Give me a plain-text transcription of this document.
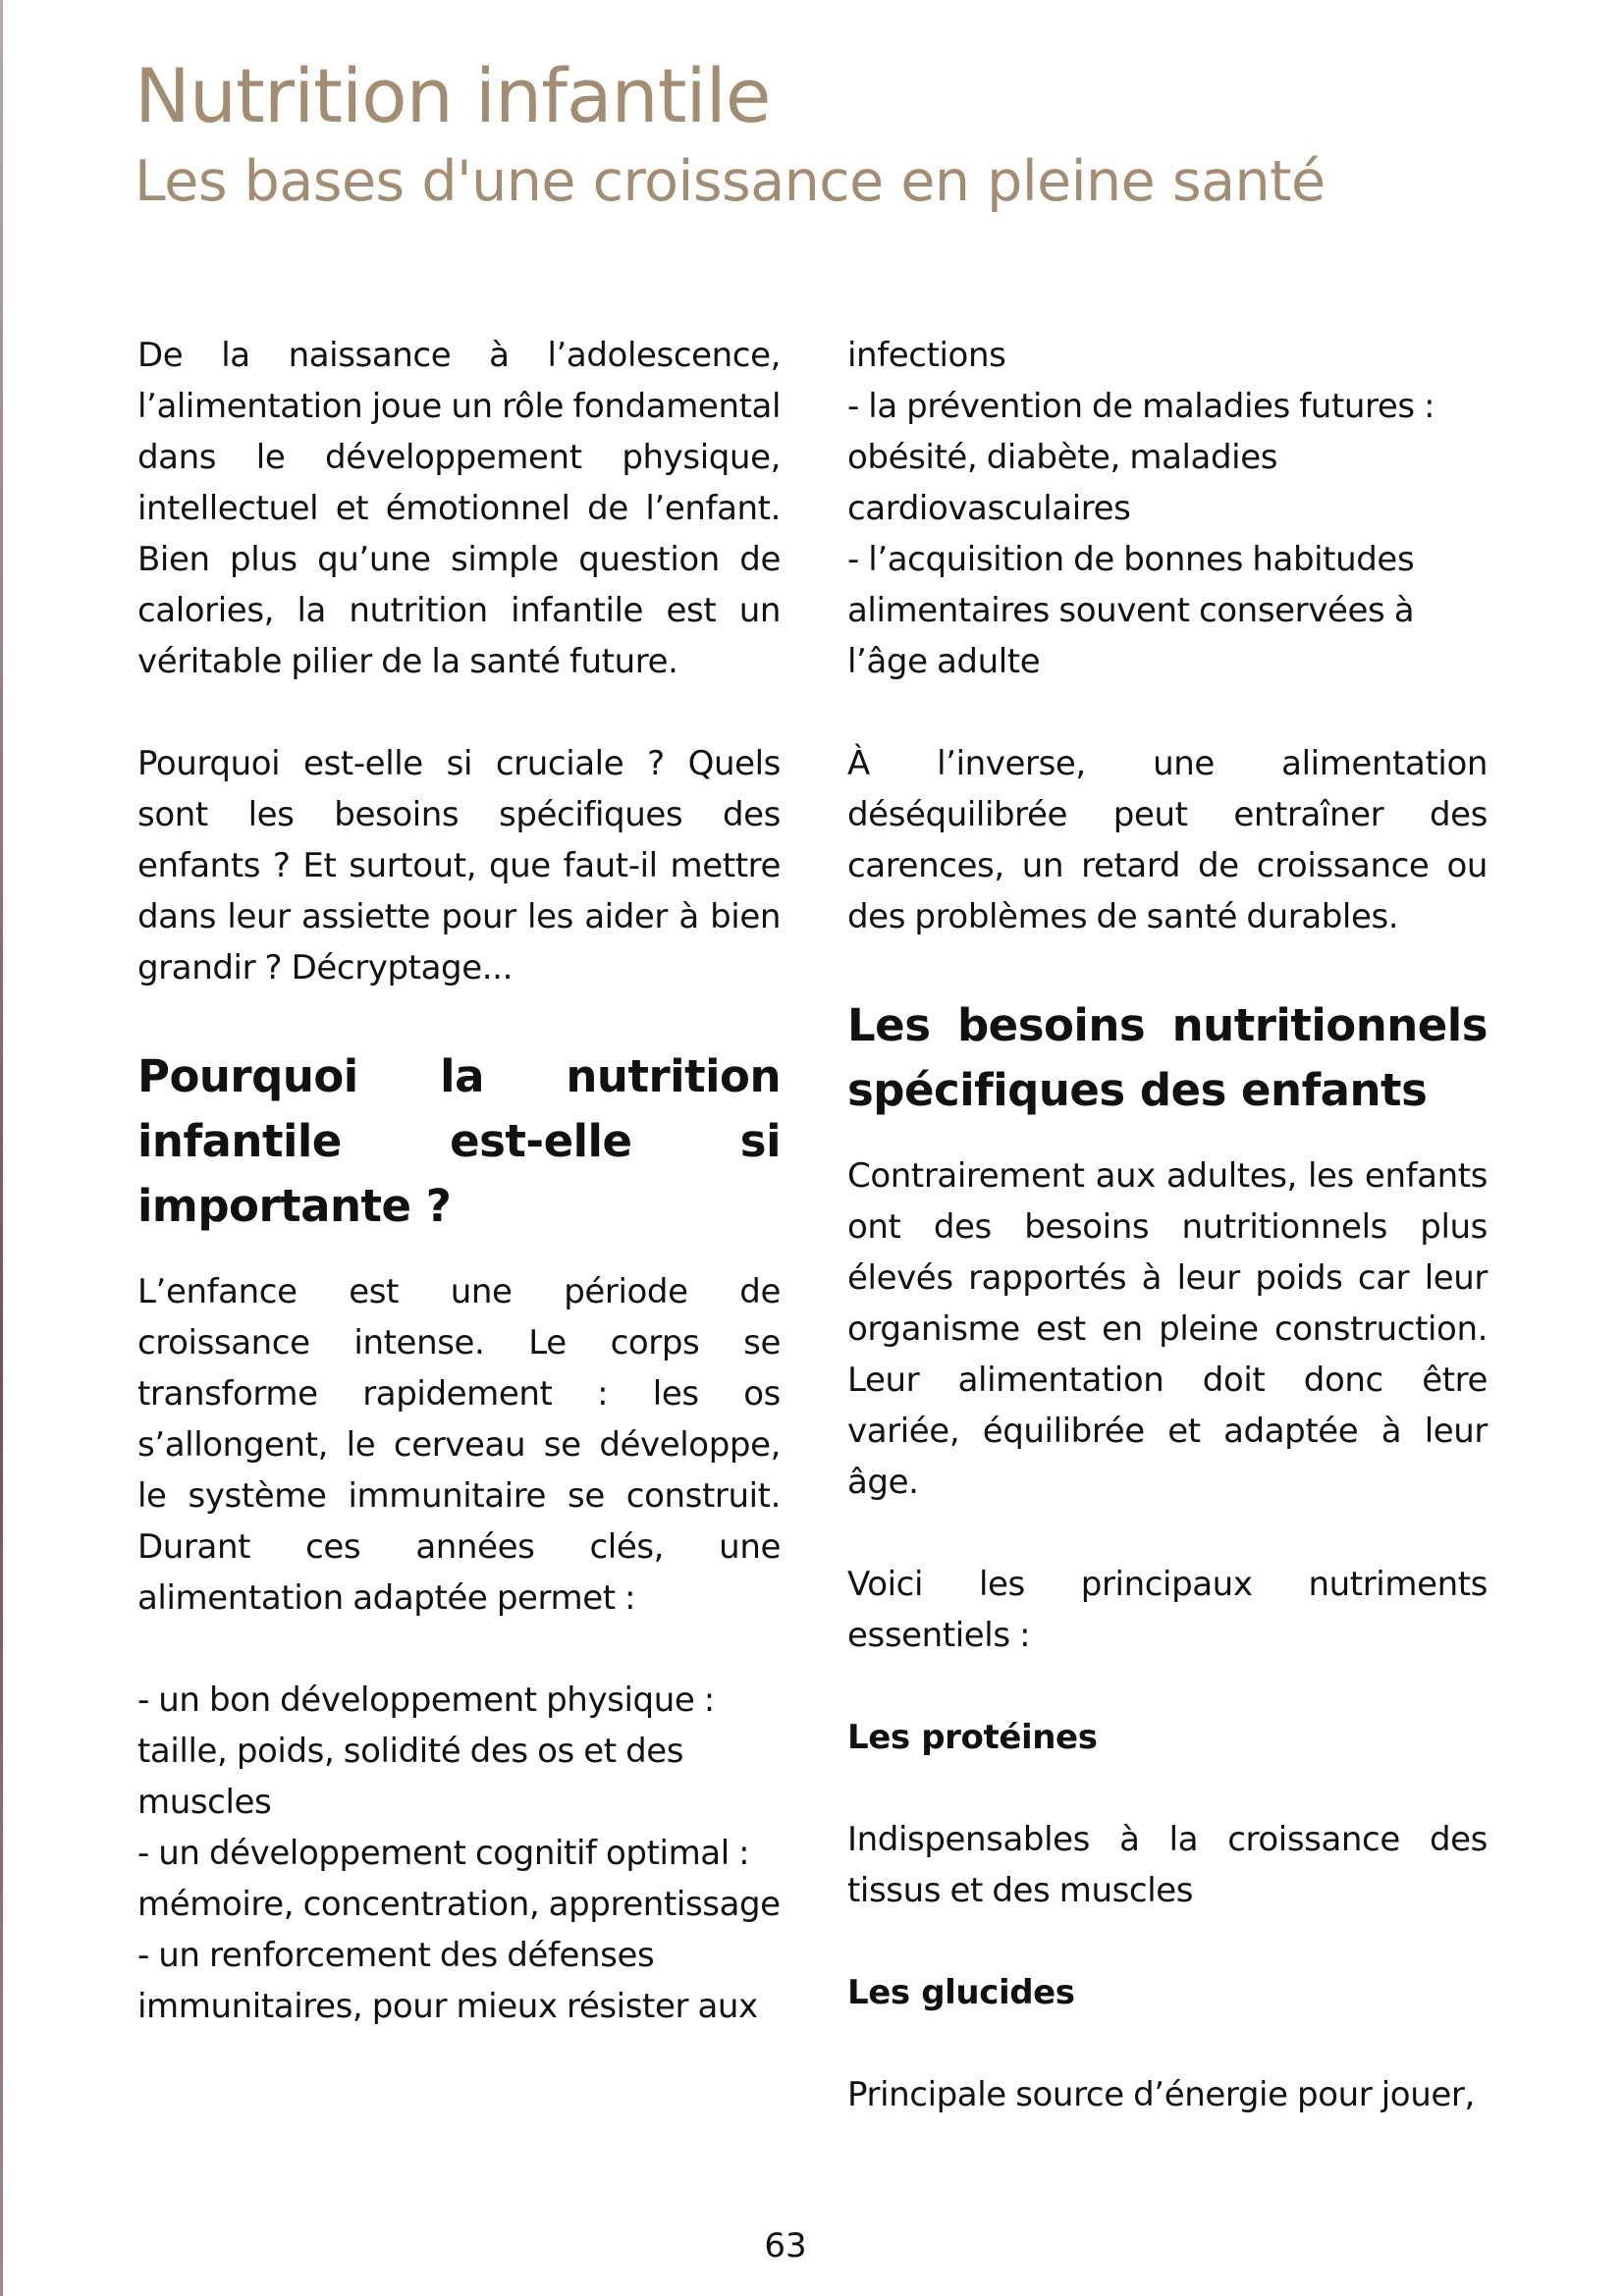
Nutrition infantile
Les bases d'une croissance en pleine santé

De la naissance à l’adolescence, l’alimentation joue un rôle fondamental dans le développement physique, intellectuel et émotionnel de l’enfant. Bien plus qu’une simple question de calories, la nutrition infantile est un véritable pilier de la santé future.

Pourquoi est-elle si cruciale ? Quels sont les besoins spécifiques des enfants ? Et surtout, que faut-il mettre dans leur assiette pour les aider à bien grandir ? Décryptage...

Pourquoi la nutrition infantile est-elle si importante ?

L’enfance est une période de croissance intense. Le corps se transforme rapidement : les os s’allongent, le cerveau se développe, le système immunitaire se construit. Durant ces années clés, une alimentation adaptée permet :

- un bon développement physique : taille, poids, solidité des os et des muscles

- un développement cognitif optimal : mémoire, concentration, apprentissage

- un renforcement des défenses immunitaires, pour mieux résister aux

infections

- la prévention de maladies futures : obésité, diabète, maladies cardiovasculaires

- l’acquisition de bonnes habitudes alimentaires souvent conservées à l’âge adulte

À l’inverse, une alimentation déséquilibrée peut entraîner des carences, un retard de croissance ou des problèmes de santé durables.

Les besoins nutritionnels spécifiques des enfants

Contrairement aux adultes, les enfants ont des besoins nutritionnels plus élevés rapportés à leur poids car leur organisme est en pleine construction. Leur alimentation doit donc être variée, équilibrée et adaptée à leur âge.

Voici les principaux nutriments essentiels :

Les protéines

Indispensables à la croissance des tissus et des muscles

Les glucides

Principale source d’énergie pour jouer,

63
